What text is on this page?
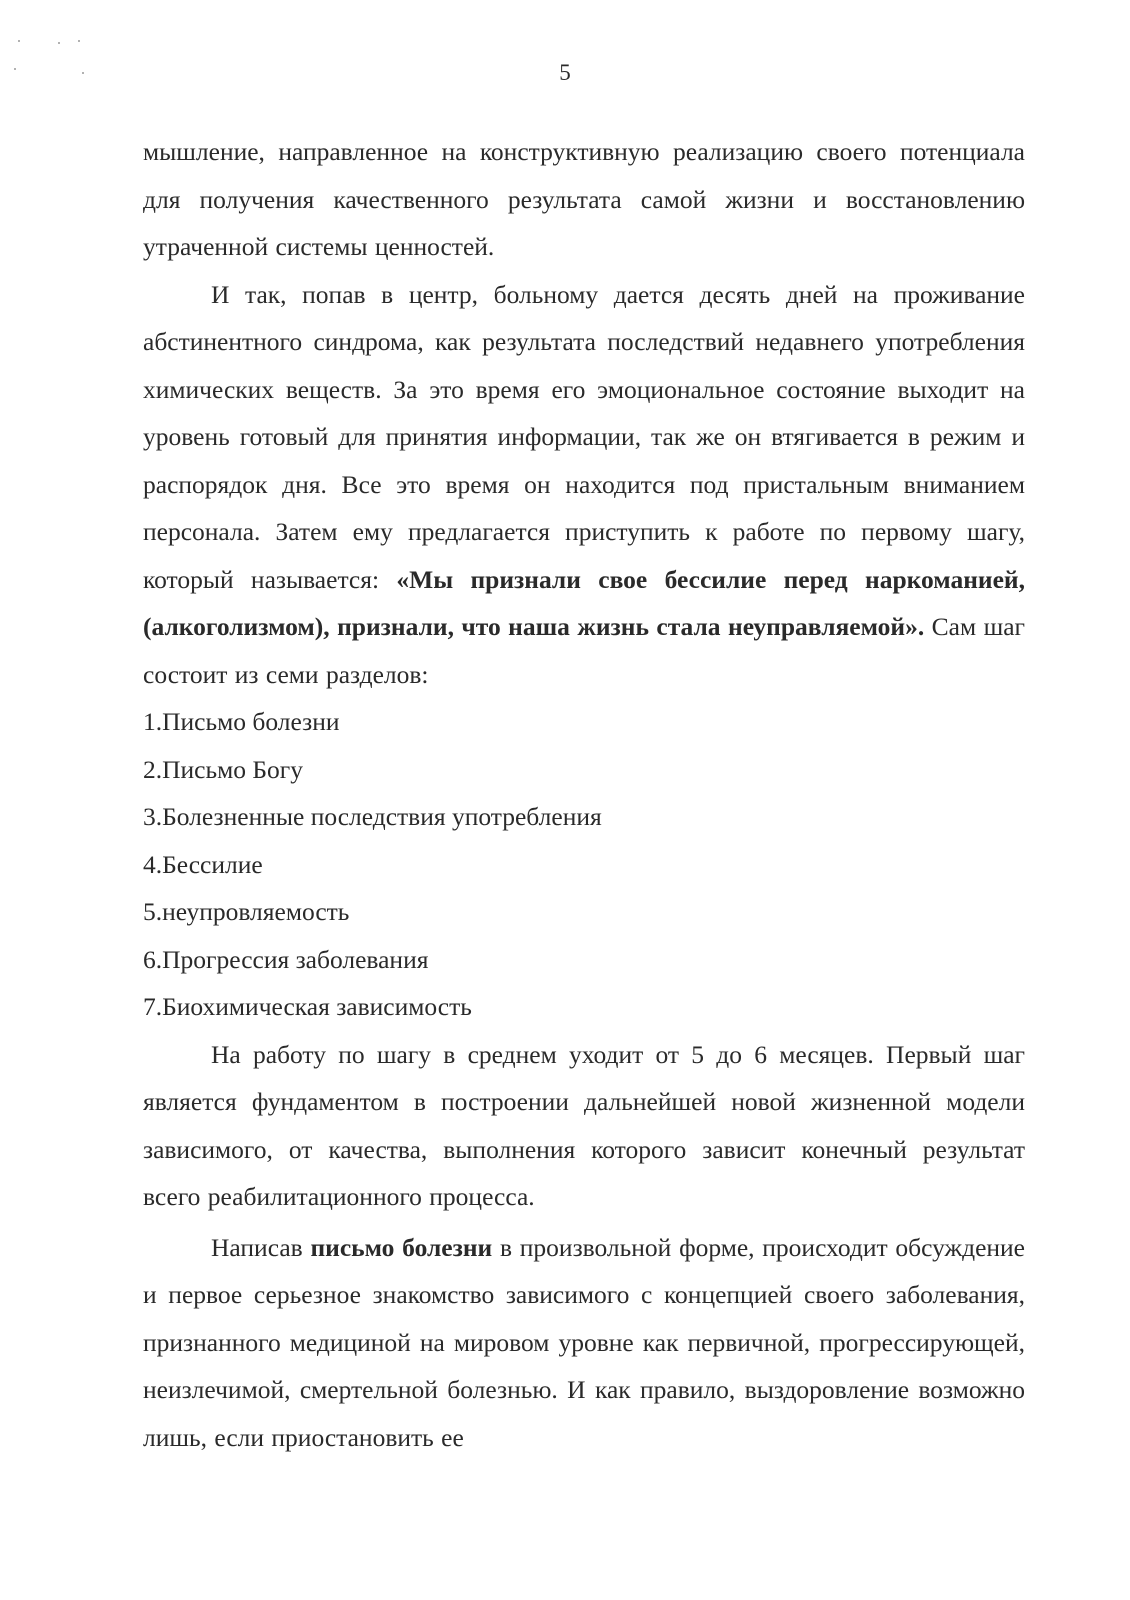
5

мышление, направленное на конструктивную реализацию своего потенциала для получения качественного результата самой жизни и восстановлению утраченной системы ценностей.

И так, попав в центр, больному дается десять дней на проживание абстинентного синдрома, как результата последствий недавнего употребления химических веществ. За это время его эмоциональное состояние выходит на уровень готовый для принятия информации, так же он втягивается в режим и распорядок дня. Все это время он находится под пристальным вниманием персонала. Затем ему предлагается приступить к работе по первому шагу, который называется: «Мы признали свое бессилие перед наркоманией, (алкоголизмом), признали, что наша жизнь стала неуправляемой». Сам шаг состоит из семи разделов:

1.Письмо болезни
2.Письмо Богу
3.Болезненные последствия употребления
4.Бессилие
5.неупровляемость
6.Прогрессия заболевания
7.Биохимическая зависимость

На работу по шагу в среднем уходит от 5 до 6 месяцев. Первый шаг является фундаментом в построении дальнейшей новой жизненной модели зависимого, от качества, выполнения которого зависит конечный результат всего реабилитационного процесса.

Написав письмо болезни в произвольной форме, происходит обсуждение и первое серьезное знакомство зависимого с концепцией своего заболевания, признанного медициной на мировом уровне как первичной, прогрессирующей, неизлечимой, смертельной болезнью. И как правило, выздоровление возможно лишь, если приостановить ее
